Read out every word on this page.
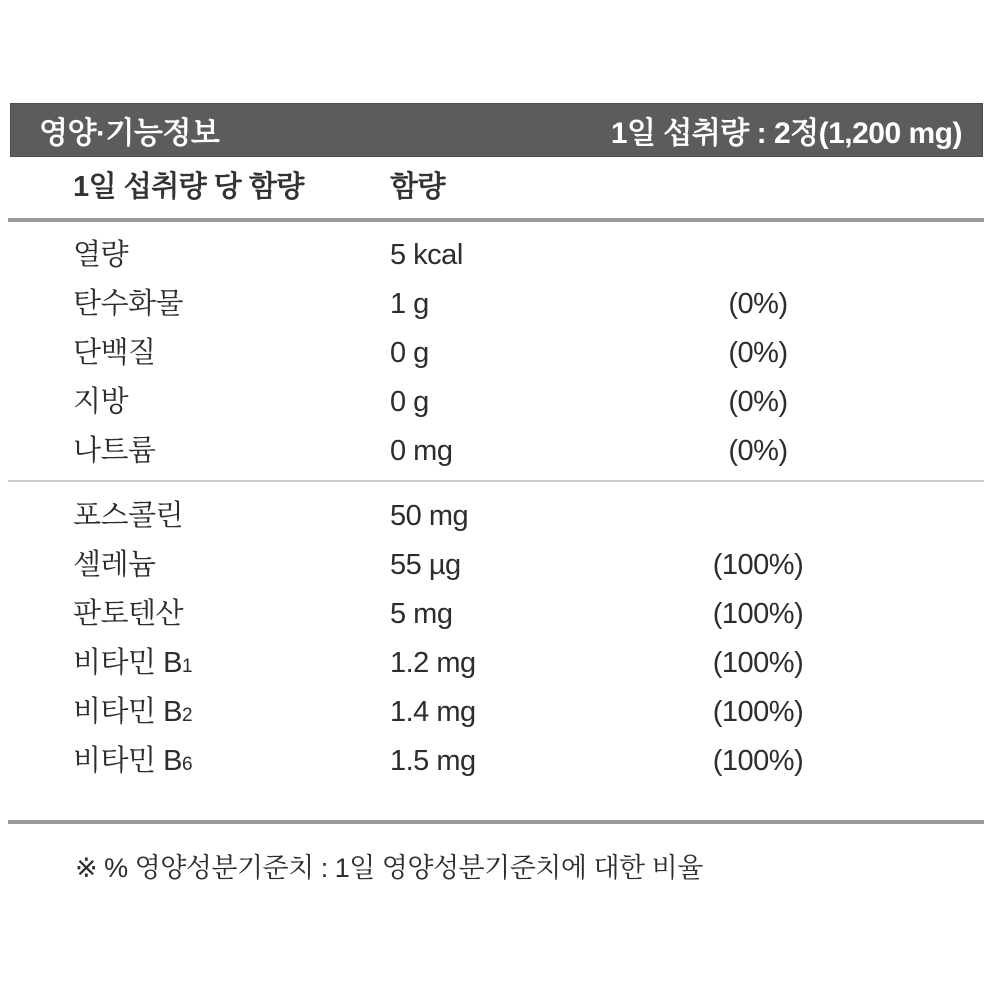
영양·기능정보	1일 섭취량 : 2정(1,200 mg)
1일 섭취량 당 함량	함량
열량	5 kcal
탄수화물	1 g	(0%)
단백질	0 g	(0%)
지방	0 g	(0%)
나트륨	0 mg	(0%)
포스콜린	50 mg
셀레늄	55 µg	(100%)
판토텐산	5 mg	(100%)
비타민 B1	1.2 mg	(100%)
비타민 B2	1.4 mg	(100%)
비타민 B6	1.5 mg	(100%)
※ % 영양성분기준치 : 1일 영양성분기준치에 대한 비율
